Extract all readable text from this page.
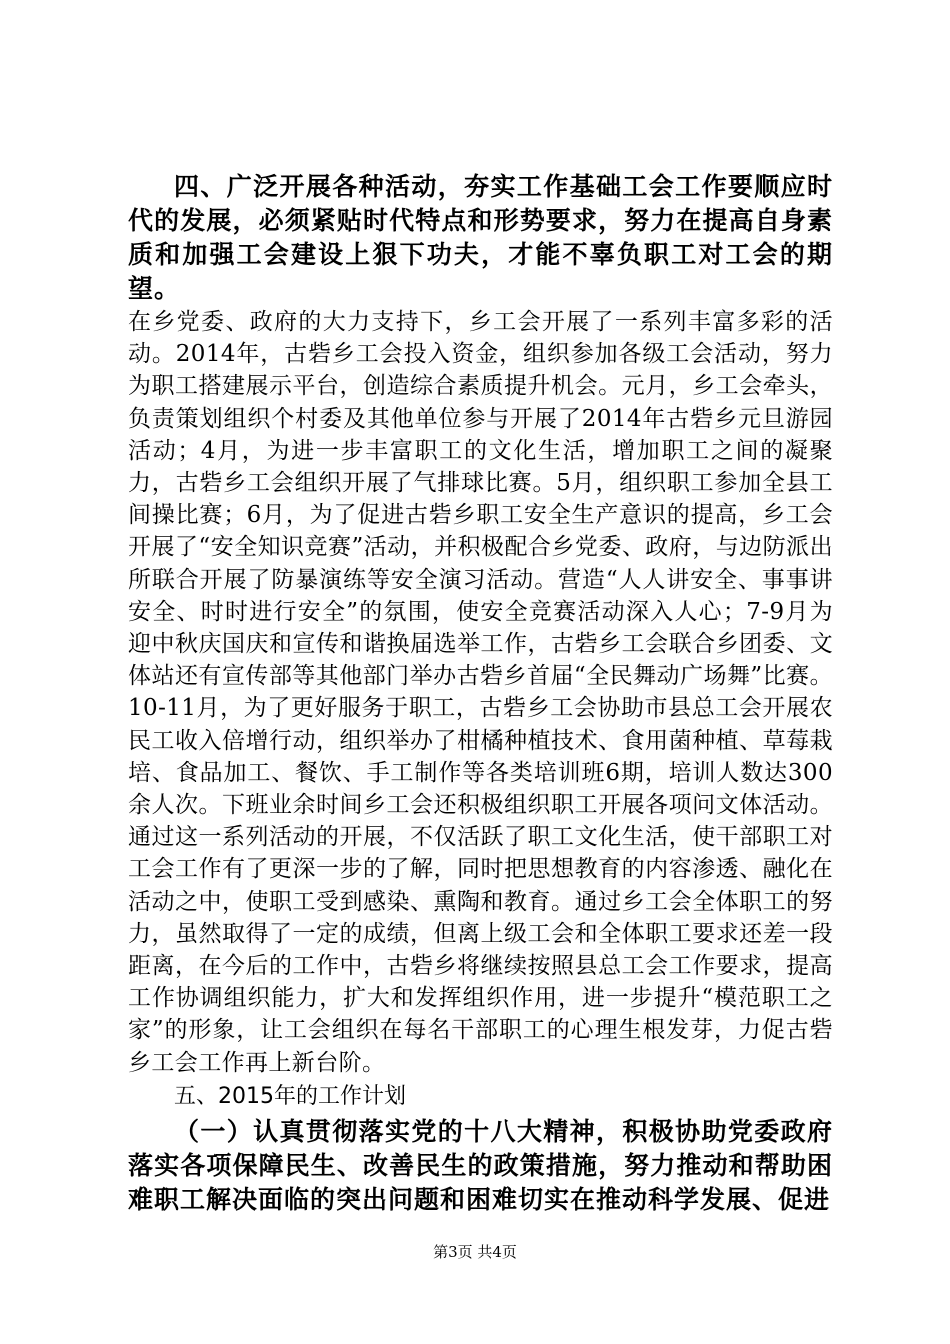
四、广泛开展各种活动，夯实工作基础工会工作要顺应时代的发展，必须紧贴时代特点和形势要求，努力在提高自身素质和加强工会建设上狠下功夫，才能不辜负职工对工会的期望。

在乡党委、政府的大力支持下，乡工会开展了一系列丰富多彩的活动。2014年，古砦乡工会投入资金，组织参加各级工会活动，努力为职工搭建展示平台，创造综合素质提升机会。元月，乡工会牵头，负责策划组织个村委及其他单位参与开展了2014年古砦乡元旦游园活动；4月，为进一步丰富职工的文化生活，增加职工之间的凝聚力，古砦乡工会组织开展了气排球比赛。5月，组织职工参加全县工间操比赛；6月，为了促进古砦乡职工安全生产意识的提高，乡工会开展了“安全知识竞赛”活动，并积极配合乡党委、政府，与边防派出所联合开展了防暴演练等安全演习活动。营造“人人讲安全、事事讲安全、时时进行安全”的氛围，使安全竞赛活动深入人心；7-9月为迎中秋庆国庆和宣传和谐换届选举工作，古砦乡工会联合乡团委、文体站还有宣传部等其他部门举办古砦乡首届“全民舞动广场舞”比赛。10-11月，为了更好服务于职工，古砦乡工会协助市县总工会开展农民工收入倍增行动，组织举办了柑橘种植技术、食用菌种植、草莓栽培、食品加工、餐饮、手工制作等各类培训班6期，培训人数达300余人次。下班业余时间乡工会还积极组织职工开展各项问文体活动。通过这一系列活动的开展，不仅活跃了职工文化生活，使干部职工对工会工作有了更深一步的了解，同时把思想教育的内容渗透、融化在活动之中，使职工受到感染、熏陶和教育。通过乡工会全体职工的努力，虽然取得了一定的成绩，但离上级工会和全体职工要求还差一段距离，在今后的工作中，古砦乡将继续按照县总工会工作要求，提高工作协调组织能力，扩大和发挥组织作用，进一步提升“模范职工之家”的形象，让工会组织在每名干部职工的心理生根发芽，力促古砦乡工会工作再上新台阶。

五、2015年的工作计划

（一）认真贯彻落实党的十八大精神，积极协助党委政府落实各项保障民生、改善民生的政策措施，努力推动和帮助困难职工解决面临的突出问题和困难切实在推动科学发展、促进

第3页 共4页
